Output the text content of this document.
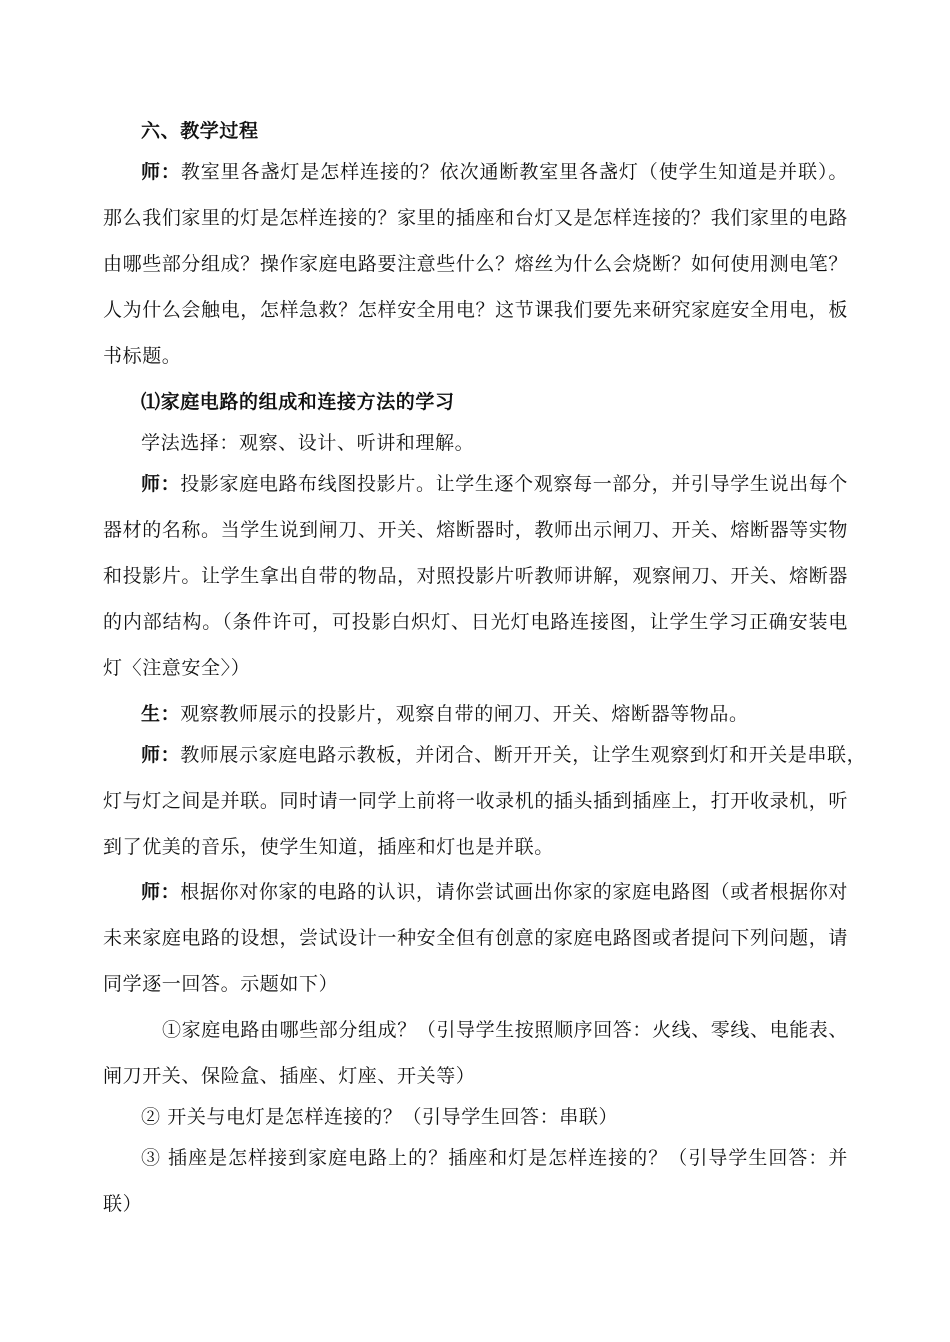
六、教学过程
师：教室里各盏灯是怎样连接的？依次通断教室里各盏灯（使学生知道是并联）。
那么我们家里的灯是怎样连接的？家里的插座和台灯又是怎样连接的？我们家里的电路
由哪些部分组成？操作家庭电路要注意些什么？熔丝为什么会烧断？如何使用测电笔？
人为什么会触电，怎样急救？怎样安全用电？这节课我们要先来研究家庭安全用电，板
书标题。
⑴家庭电路的组成和连接方法的学习
学法选择：观察、设计、听讲和理解。
师：投影家庭电路布线图投影片。让学生逐个观察每一部分，并引导学生说出每个
器材的名称。当学生说到闸刀、开关、熔断器时，教师出示闸刀、开关、熔断器等实物
和投影片。让学生拿出自带的物品，对照投影片听教师讲解，观察闸刀、开关、熔断器
的内部结构。（条件许可，可投影白炽灯、日光灯电路连接图，让学生学习正确安装电
灯〈注意安全〉）
生：观察教师展示的投影片，观察自带的闸刀、开关、熔断器等物品。
师：教师展示家庭电路示教板，并闭合、断开开关，让学生观察到灯和开关是串联，
灯与灯之间是并联。同时请一同学上前将一收录机的插头插到插座上，打开收录机，听
到了优美的音乐，使学生知道，插座和灯也是并联。
师：根据你对你家的电路的认识，请你尝试画出你家的家庭电路图（或者根据你对
未来家庭电路的设想，尝试设计一种安全但有创意的家庭电路图或者提问下列问题，请
同学逐一回答。示题如下）
①家庭电路由哪些部分组成？（引导学生按照顺序回答：火线、零线、电能表、
闸刀开关、保险盒、插座、灯座、开关等）
② 开关与电灯是怎样连接的？（引导学生回答：串联）
③ 插座是怎样接到家庭电路上的？插座和灯是怎样连接的？（引导学生回答：并
联）
